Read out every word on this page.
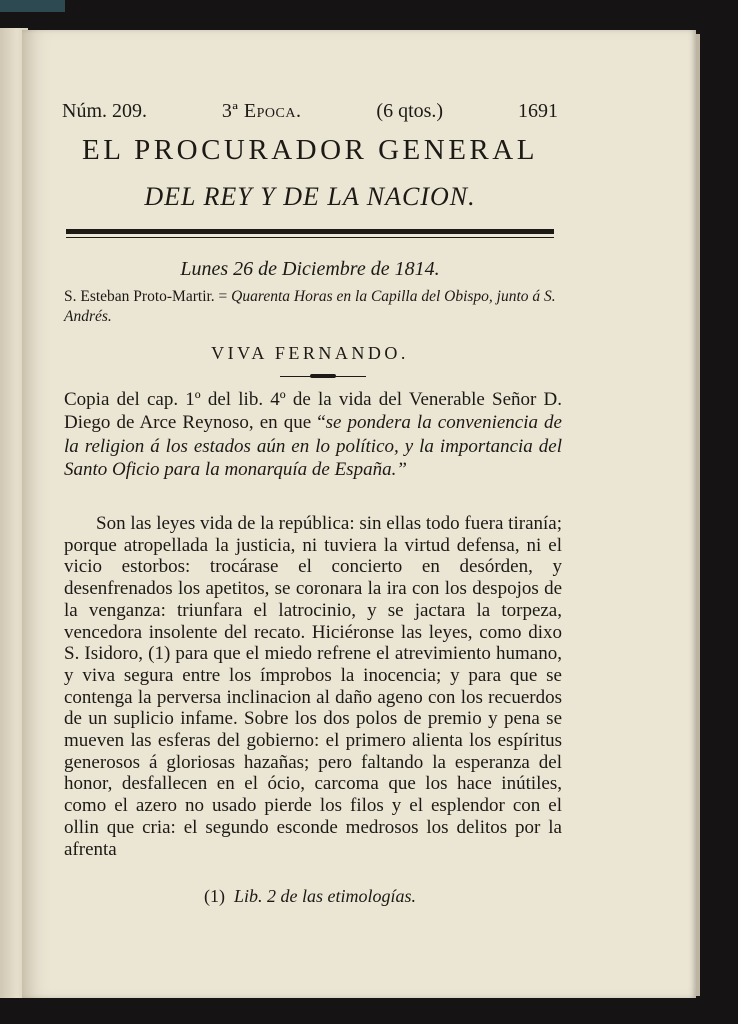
Núm. 209.	3ª Epoca.	(6 qtos.)	1691
EL PROCURADOR GENERAL
DEL REY Y DE LA NACION.
Lunes 26 de Diciembre de 1814.
S. Esteban Proto-Martir. = Quarenta Horas en la Capilla del Obispo, junto á S. Andrés.
VIVA FERNANDO.
Copia del cap. 1º del lib. 4º de la vida del Venerable Señor D. Diego de Arce Reynoso, en que “se pondera la conveniencia de la religion á los estados aún en lo político, y la importancia del Santo Oficio para la monarquía de España.”
Son las leyes vida de la república: sin ellas todo fuera tiranía; porque atropellada la justicia, ni tuviera la virtud defensa, ni el vicio estorbos: trocárase el concierto en desórden, y desenfrenados los apetitos, se coronara la ira con los despojos de la venganza: triunfara el latrocinio, y se jactara la torpeza, vencedora insolente del recato. Hiciéronse las leyes, como dixo S. Isidoro, (1) para que el miedo refrene el atrevimiento humano, y viva segura entre los ímprobos la inocencia; y para que se contenga la perversa inclinacion al daño ageno con los recuerdos de un suplicio infame. Sobre los dos polos de premio y pena se mueven las esferas del gobierno: el primero alienta los espíritus generosos á gloriosas hazañas; pero faltando la esperanza del honor, desfallecen en el ócio, carcoma que los hace inútiles, como el azero no usado pierde los filos y el esplendor con el ollin que cria: el segundo esconde medrosos los delitos por la afrenta
(1) Lib. 2 de las etimologías.
